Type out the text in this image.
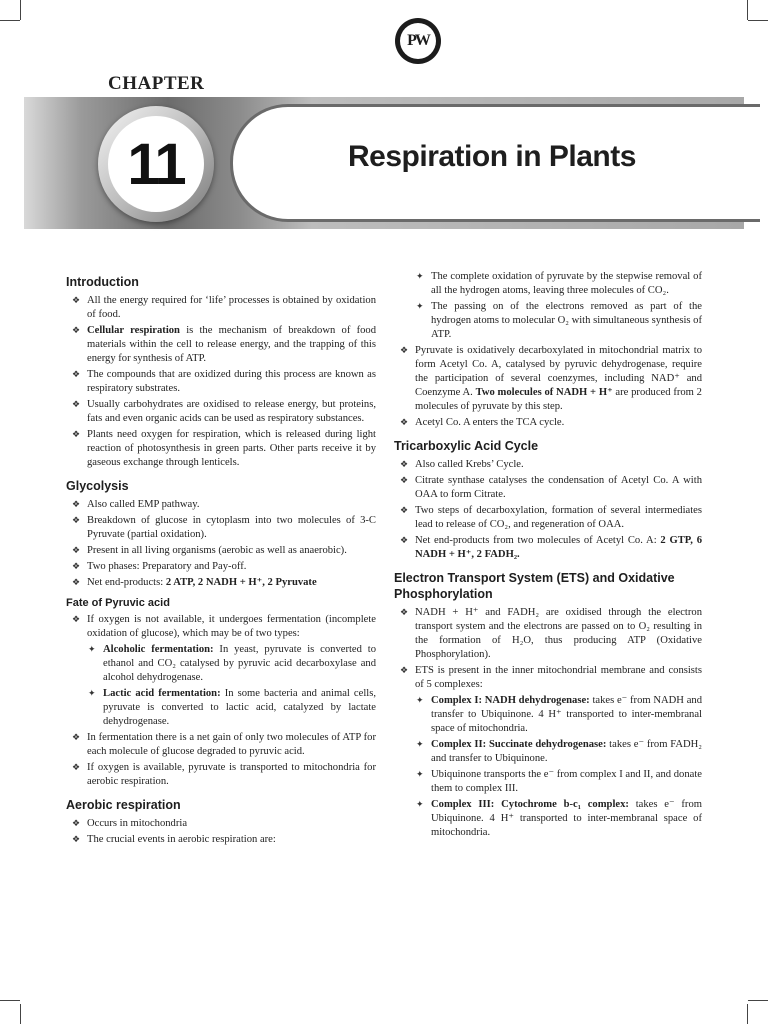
PW
CHAPTER
11	Respiration in Plants
Introduction
❖ All the energy required for ‘life’ processes is obtained by oxidation of food.
❖ Cellular respiration is the mechanism of breakdown of food materials within the cell to release energy, and the trapping of this energy for synthesis of ATP.
❖ The compounds that are oxidized during this process are known as respiratory substrates.
❖ Usually carbohydrates are oxidised to release energy, but proteins, fats and even organic acids can be used as respiratory substances.
❖ Plants need oxygen for respiration, which is released during light reaction of photosynthesis in green parts. Other parts receive it by gaseous exchange through lenticels.
Glycolysis
❖ Also called EMP pathway.
❖ Breakdown of glucose in cytoplasm into two molecules of 3-C Pyruvate (partial oxidation).
❖ Present in all living organisms (aerobic as well as anaerobic).
❖ Two phases: Preparatory and Pay-off.
❖ Net end-products: 2 ATP, 2 NADH + H⁺, 2 Pyruvate
Fate of Pyruvic acid
❖ If oxygen is not available, it undergoes fermentation (incomplete oxidation of glucose), which may be of two types:
✦ Alcoholic fermentation: In yeast, pyruvate is converted to ethanol and CO₂ catalysed by pyruvic acid decarboxylase and alcohol dehydrogenase.
✦ Lactic acid fermentation: In some bacteria and animal cells, pyruvate is converted to lactic acid, catalyzed by lactate dehydrogenase.
❖ In fermentation there is a net gain of only two molecules of ATP for each molecule of glucose degraded to pyruvic acid.
❖ If oxygen is available, pyruvate is transported to mitochondria for aerobic respiration.
Aerobic respiration
❖ Occurs in mitochondria
❖ The crucial events in aerobic respiration are:
✦ The complete oxidation of pyruvate by the stepwise removal of all the hydrogen atoms, leaving three molecules of CO₂.
✦ The passing on of the electrons removed as part of the hydrogen atoms to molecular O₂ with simultaneous synthesis of ATP.
❖ Pyruvate is oxidatively decarboxylated in mitochondrial matrix to form Acetyl Co. A, catalysed by pyruvic dehydrogenase, require the participation of several coenzymes, including NAD⁺ and Coenzyme A. Two molecules of NADH + H⁺ are produced from 2 molecules of pyruvate by this step.
❖ Acetyl Co. A enters the TCA cycle.
Tricarboxylic Acid Cycle
❖ Also called Krebs’ Cycle.
❖ Citrate synthase catalyses the condensation of Acetyl Co. A with OAA to form Citrate.
❖ Two steps of decarboxylation, formation of several intermediates lead to release of CO₂, and regeneration of OAA.
❖ Net end-products from two molecules of Acetyl Co. A: 2 GTP, 6 NADH + H⁺, 2 FADH₂.
Electron Transport System (ETS) and Oxidative Phosphorylation
❖ NADH + H⁺ and FADH₂ are oxidised through the electron transport system and the electrons are passed on to O₂ resulting in the formation of H₂O, thus producing ATP (Oxidative Phosphorylation).
❖ ETS is present in the inner mitochondrial membrane and consists of 5 complexes:
✦ Complex I: NADH dehydrogenase: takes e⁻ from NADH and transfer to Ubiquinone. 4 H⁺ transported to inter-membranal space of mitochondria.
✦ Complex II: Succinate dehydrogenase: takes e⁻ from FADH₂ and transfer to Ubiquinone.
✦ Ubiquinone transports the e⁻ from complex I and II, and donate them to complex III.
✦ Complex III: Cytochrome b-c₁ complex: takes e⁻ from Ubiquinone. 4 H⁺ transported to inter-membranal space of mitochondria.
